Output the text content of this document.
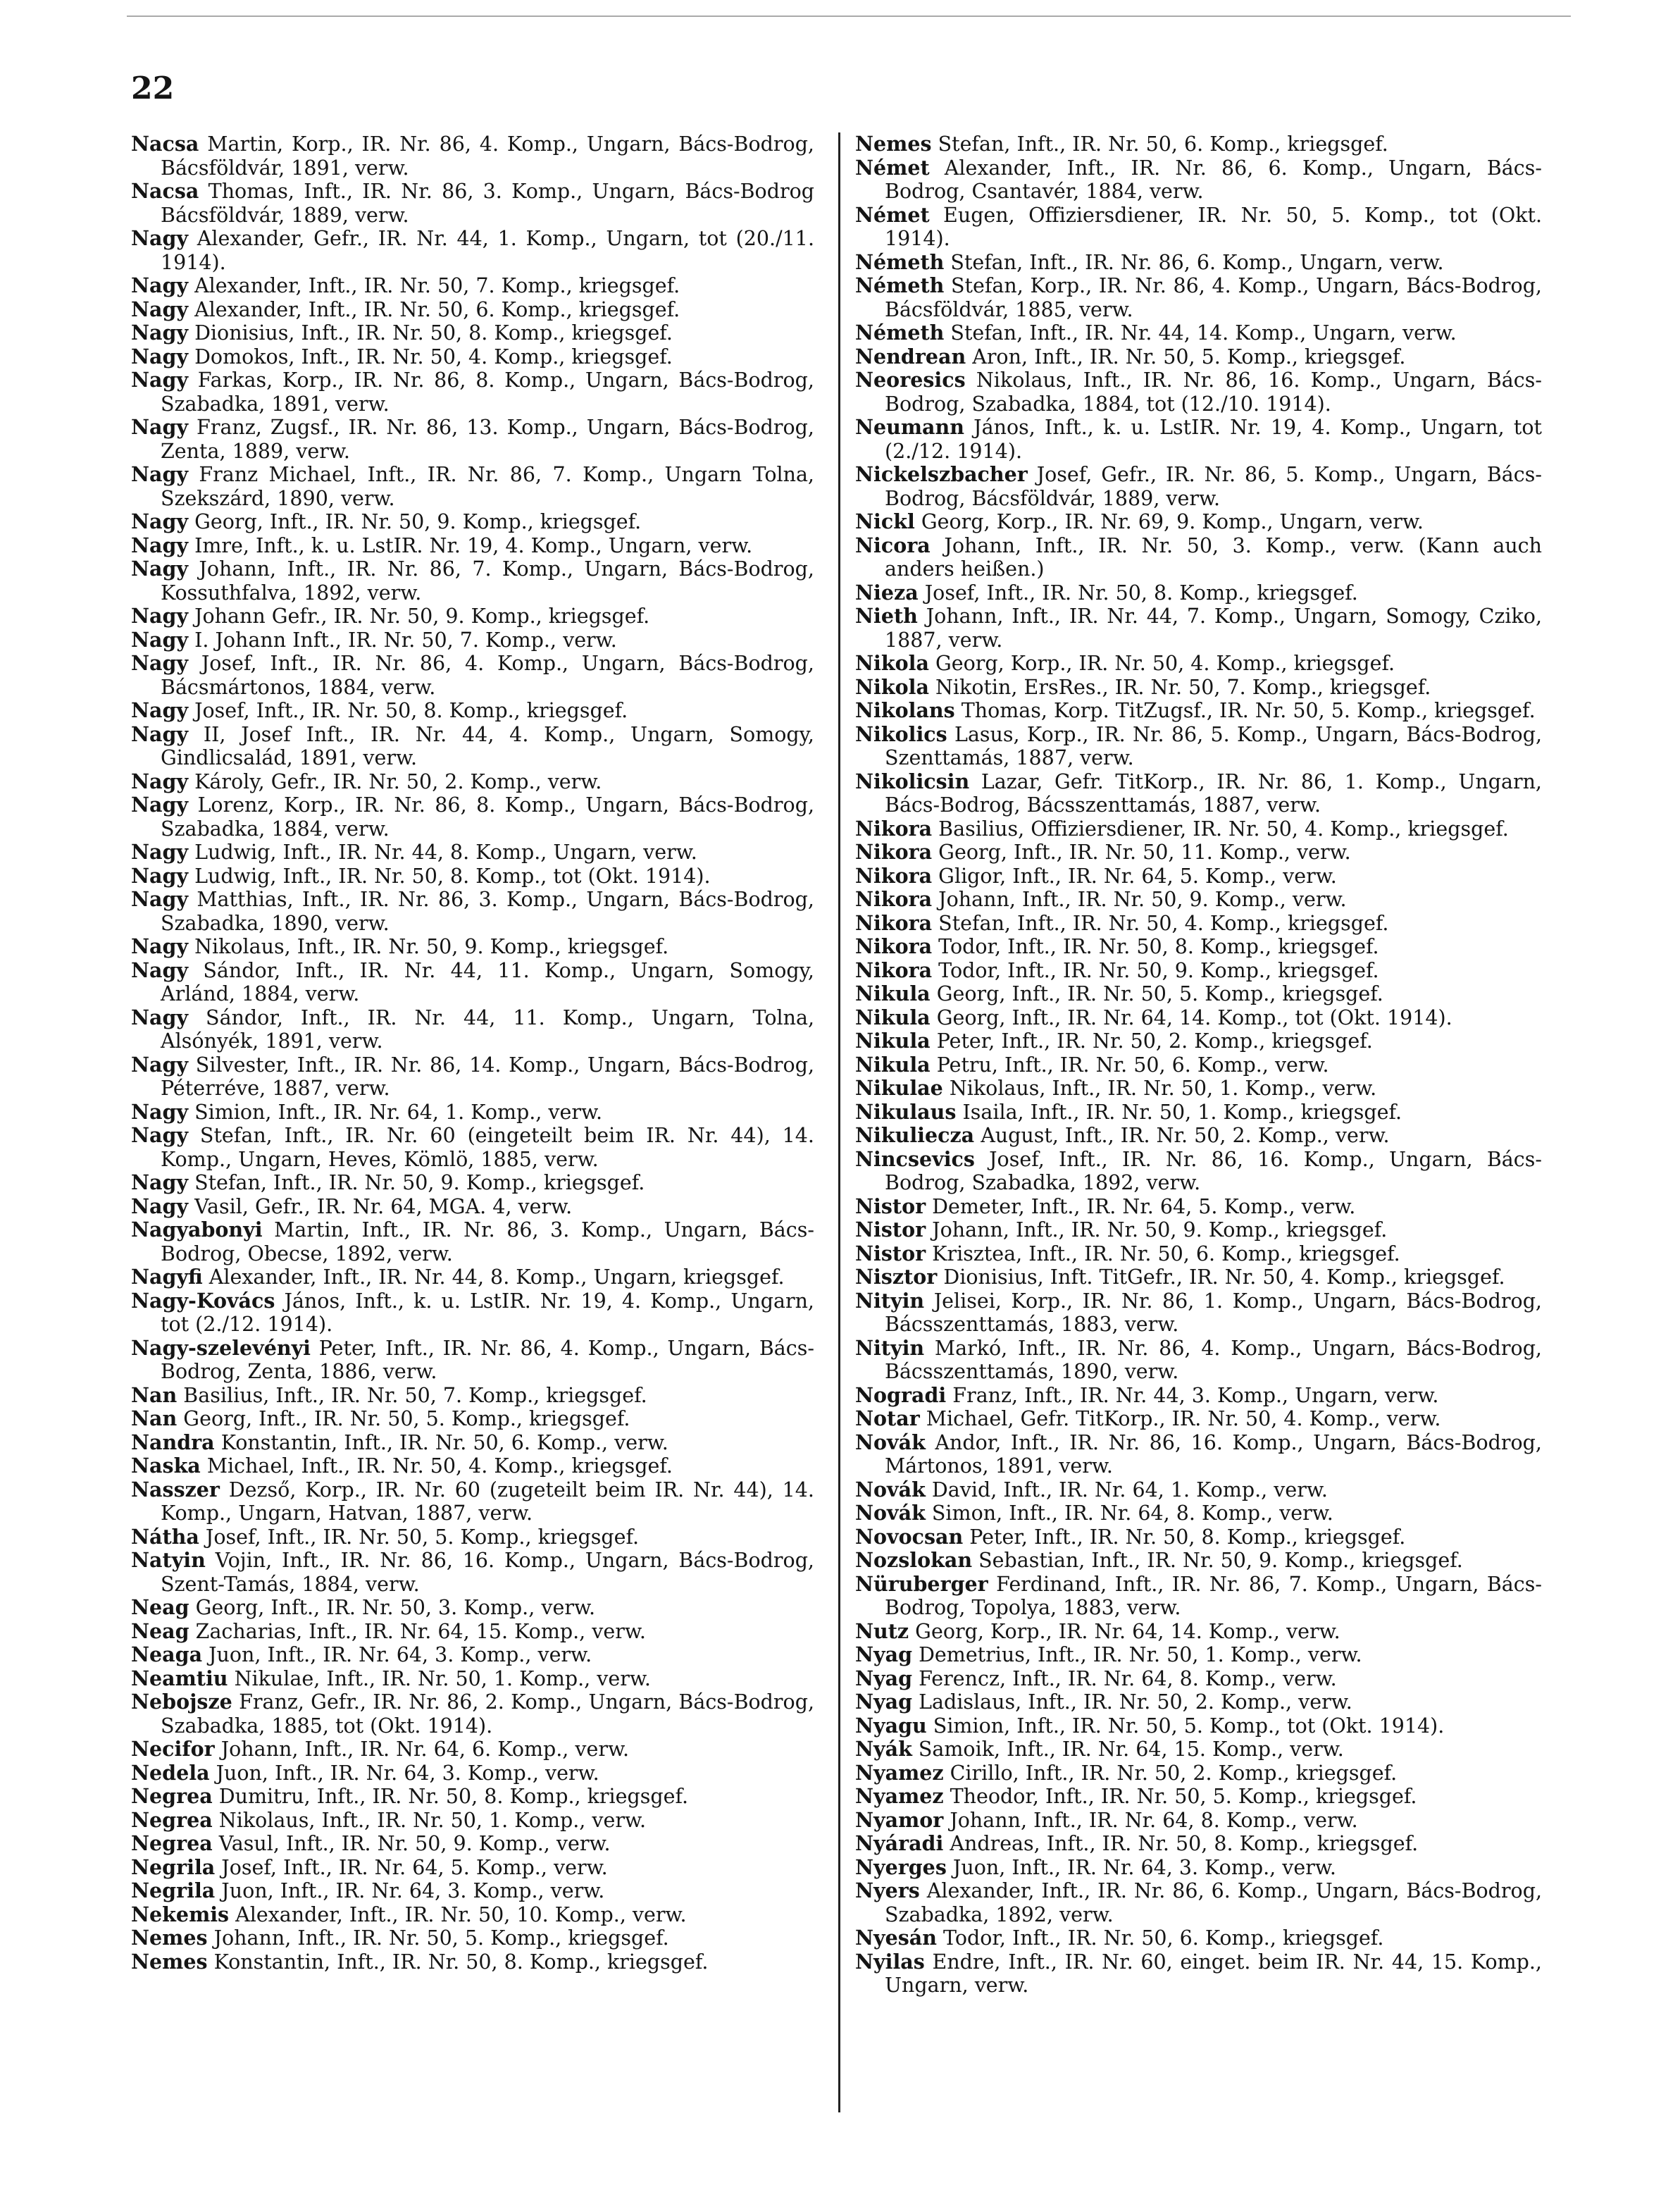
22
Nacsa Martin, Korp., IR. Nr. 86, 4. Komp., Ungarn, Bács-Bodrog, Bácsföldvár, 1891, verw.
Nacsa Thomas, Inft., IR. Nr. 86, 3. Komp., Ungarn, Bács-Bodrog Bácsföldvár, 1889, verw.
Nagy Alexander, Gefr., IR. Nr. 44, 1. Komp., Ungarn, tot (20./11. 1914).
Nagy Alexander, Inft., IR. Nr. 50, 7. Komp., kriegsgef.
Nagy Alexander, Inft., IR. Nr. 50, 6. Komp., kriegsgef.
Nagy Dionisius, Inft., IR. Nr. 50, 8. Komp., kriegsgef.
Nagy Domokos, Inft., IR. Nr. 50, 4. Komp., kriegsgef.
Nagy Farkas, Korp., IR. Nr. 86, 8. Komp., Ungarn, Bács-Bodrog, Szabadka, 1891, verw.
Nagy Franz, Zugsf., IR. Nr. 86, 13. Komp., Ungarn, Bács-Bodrog, Zenta, 1889, verw.
Nagy Franz Michael, Inft., IR. Nr. 86, 7. Komp., Ungarn Tolna, Szekszárd, 1890, verw.
Nagy Georg, Inft., IR. Nr. 50, 9. Komp., kriegsgef.
Nagy Imre, Inft., k. u. LstIR. Nr. 19, 4. Komp., Ungarn, verw.
Nagy Johann, Inft., IR. Nr. 86, 7. Komp., Ungarn, Bács-Bodrog, Kossuthfalva, 1892, verw.
Nagy Johann Gefr., IR. Nr. 50, 9. Komp., kriegsgef.
Nagy I. Johann Inft., IR. Nr. 50, 7. Komp., verw.
Nagy Josef, Inft., IR. Nr. 86, 4. Komp., Ungarn, Bács-Bodrog, Bácsmártonos, 1884, verw.
Nagy Josef, Inft., IR. Nr. 50, 8. Komp., kriegsgef.
Nagy II, Josef Inft., IR. Nr. 44, 4. Komp., Ungarn, Somogy, Gindlicsalád, 1891, verw.
Nagy Károly, Gefr., IR. Nr. 50, 2. Komp., verw.
Nagy Lorenz, Korp., IR. Nr. 86, 8. Komp., Ungarn, Bács-Bodrog, Szabadka, 1884, verw.
Nagy Ludwig, Inft., IR. Nr. 44, 8. Komp., Ungarn, verw.
Nagy Ludwig, Inft., IR. Nr. 50, 8. Komp., tot (Okt. 1914).
Nagy Matthias, Inft., IR. Nr. 86, 3. Komp., Ungarn, Bács-Bodrog, Szabadka, 1890, verw.
Nagy Nikolaus, Inft., IR. Nr. 50, 9. Komp., kriegsgef.
Nagy Sándor, Inft., IR. Nr. 44, 11. Komp., Ungarn, Somogy, Arlánd, 1884, verw.
Nagy Sándor, Inft., IR. Nr. 44, 11. Komp., Ungarn, Tolna, Alsónyék, 1891, verw.
Nagy Silvester, Inft., IR. Nr. 86, 14. Komp., Ungarn, Bács-Bodrog, Péterréve, 1887, verw.
Nagy Simion, Inft., IR. Nr. 64, 1. Komp., verw.
Nagy Stefan, Inft., IR. Nr. 60 (eingeteilt beim IR. Nr. 44), 14. Komp., Ungarn, Heves, Kömlö, 1885, verw.
Nagy Stefan, Inft., IR. Nr. 50, 9. Komp., kriegsgef.
Nagy Vasil, Gefr., IR. Nr. 64, MGA. 4, verw.
Nagyabonyi Martin, Inft., IR. Nr. 86, 3. Komp., Ungarn, Bács-Bodrog, Obecse, 1892, verw.
Nagyfi Alexander, Inft., IR. Nr. 44, 8. Komp., Ungarn, kriegsgef.
Nagy-Kovács János, Inft., k. u. LstIR. Nr. 19, 4. Komp., Ungarn, tot (2./12. 1914).
Nagy-szelevényi Peter, Inft., IR. Nr. 86, 4. Komp., Ungarn, Bács-Bodrog, Zenta, 1886, verw.
Nan Basilius, Inft., IR. Nr. 50, 7. Komp., kriegsgef.
Nan Georg, Inft., IR. Nr. 50, 5. Komp., kriegsgef.
Nandra Konstantin, Inft., IR. Nr. 50, 6. Komp., verw.
Naska Michael, Inft., IR. Nr. 50, 4. Komp., kriegsgef.
Nasszer Dezső, Korp., IR. Nr. 60 (zugeteilt beim IR. Nr. 44), 14. Komp., Ungarn, Hatvan, 1887, verw.
Nátha Josef, Inft., IR. Nr. 50, 5. Komp., kriegsgef.
Natyin Vojin, Inft., IR. Nr. 86, 16. Komp., Ungarn, Bács-Bodrog, Szent-Tamás, 1884, verw.
Neag Georg, Inft., IR. Nr. 50, 3. Komp., verw.
Neag Zacharias, Inft., IR. Nr. 64, 15. Komp., verw.
Neaga Juon, Inft., IR. Nr. 64, 3. Komp., verw.
Neamtiu Nikulae, Inft., IR. Nr. 50, 1. Komp., verw.
Nebojsze Franz, Gefr., IR. Nr. 86, 2. Komp., Ungarn, Bács-Bodrog, Szabadka, 1885, tot (Okt. 1914).
Necifor Johann, Inft., IR. Nr. 64, 6. Komp., verw.
Nedela Juon, Inft., IR. Nr. 64, 3. Komp., verw.
Negrea Dumitru, Inft., IR. Nr. 50, 8. Komp., kriegsgef.
Negrea Nikolaus, Inft., IR. Nr. 50, 1. Komp., verw.
Negrea Vasul, Inft., IR. Nr. 50, 9. Komp., verw.
Negrila Josef, Inft., IR. Nr. 64, 5. Komp., verw.
Negrila Juon, Inft., IR. Nr. 64, 3. Komp., verw.
Nekemis Alexander, Inft., IR. Nr. 50, 10. Komp., verw.
Nemes Johann, Inft., IR. Nr. 50, 5. Komp., kriegsgef.
Nemes Konstantin, Inft., IR. Nr. 50, 8. Komp., kriegsgef.
Nemes Stefan, Inft., IR. Nr. 50, 6. Komp., kriegsgef.
Német Alexander, Inft., IR. Nr. 86, 6. Komp., Ungarn, Bács-Bodrog, Csantavér, 1884, verw.
Német Eugen, Offiziersdiener, IR. Nr. 50, 5. Komp., tot (Okt. 1914).
Németh Stefan, Inft., IR. Nr. 86, 6. Komp., Ungarn, verw.
Németh Stefan, Korp., IR. Nr. 86, 4. Komp., Ungarn, Bács-Bodrog, Bácsföldvár, 1885, verw.
Németh Stefan, Inft., IR. Nr. 44, 14. Komp., Ungarn, verw.
Nendrean Aron, Inft., IR. Nr. 50, 5. Komp., kriegsgef.
Neoresics Nikolaus, Inft., IR. Nr. 86, 16. Komp., Ungarn, Bács-Bodrog, Szabadka, 1884, tot (12./10. 1914).
Neumann János, Inft., k. u. LstIR. Nr. 19, 4. Komp., Ungarn, tot (2./12. 1914).
Nickelszbacher Josef, Gefr., IR. Nr. 86, 5. Komp., Ungarn, Bács-Bodrog, Bácsföldvár, 1889, verw.
Nickl Georg, Korp., IR. Nr. 69, 9. Komp., Ungarn, verw.
Nicora Johann, Inft., IR. Nr. 50, 3. Komp., verw. (Kann auch anders heißen.)
Nieza Josef, Inft., IR. Nr. 50, 8. Komp., kriegsgef.
Nieth Johann, Inft., IR. Nr. 44, 7. Komp., Ungarn, Somogy, Cziko, 1887, verw.
Nikola Georg, Korp., IR. Nr. 50, 4. Komp., kriegsgef.
Nikola Nikotin, ErsRes., IR. Nr. 50, 7. Komp., kriegsgef.
Nikolans Thomas, Korp. TitZugsf., IR. Nr. 50, 5. Komp., kriegsgef.
Nikolics Lasus, Korp., IR. Nr. 86, 5. Komp., Ungarn, Bács-Bodrog, Szenttamás, 1887, verw.
Nikolicsin Lazar, Gefr. TitKorp., IR. Nr. 86, 1. Komp., Ungarn, Bács-Bodrog, Bácsszenttamás, 1887, verw.
Nikora Basilius, Offiziersdiener, IR. Nr. 50, 4. Komp., kriegsgef.
Nikora Georg, Inft., IR. Nr. 50, 11. Komp., verw.
Nikora Gligor, Inft., IR. Nr. 64, 5. Komp., verw.
Nikora Johann, Inft., IR. Nr. 50, 9. Komp., verw.
Nikora Stefan, Inft., IR. Nr. 50, 4. Komp., kriegsgef.
Nikora Todor, Inft., IR. Nr. 50, 8. Komp., kriegsgef.
Nikora Todor, Inft., IR. Nr. 50, 9. Komp., kriegsgef.
Nikula Georg, Inft., IR. Nr. 50, 5. Komp., kriegsgef.
Nikula Georg, Inft., IR. Nr. 64, 14. Komp., tot (Okt. 1914).
Nikula Peter, Inft., IR. Nr. 50, 2. Komp., kriegsgef.
Nikula Petru, Inft., IR. Nr. 50, 6. Komp., verw.
Nikulae Nikolaus, Inft., IR. Nr. 50, 1. Komp., verw.
Nikulaus Isaila, Inft., IR. Nr. 50, 1. Komp., kriegsgef.
Nikuliecza August, Inft., IR. Nr. 50, 2. Komp., verw.
Nincsevics Josef, Inft., IR. Nr. 86, 16. Komp., Ungarn, Bács-Bodrog, Szabadka, 1892, verw.
Nistor Demeter, Inft., IR. Nr. 64, 5. Komp., verw.
Nistor Johann, Inft., IR. Nr. 50, 9. Komp., kriegsgef.
Nistor Krisztea, Inft., IR. Nr. 50, 6. Komp., kriegsgef.
Nisztor Dionisius, Inft. TitGefr., IR. Nr. 50, 4. Komp., kriegsgef.
Nityin Jelisei, Korp., IR. Nr. 86, 1. Komp., Ungarn, Bács-Bodrog, Bácsszenttamás, 1883, verw.
Nityin Markó, Inft., IR. Nr. 86, 4. Komp., Ungarn, Bács-Bodrog, Bácsszenttamás, 1890, verw.
Nogradi Franz, Inft., IR. Nr. 44, 3. Komp., Ungarn, verw.
Notar Michael, Gefr. TitKorp., IR. Nr. 50, 4. Komp., verw.
Novák Andor, Inft., IR. Nr. 86, 16. Komp., Ungarn, Bács-Bodrog, Mártonos, 1891, verw.
Novák David, Inft., IR. Nr. 64, 1. Komp., verw.
Novák Simon, Inft., IR. Nr. 64, 8. Komp., verw.
Novocsan Peter, Inft., IR. Nr. 50, 8. Komp., kriegsgef.
Nozslokan Sebastian, Inft., IR. Nr. 50, 9. Komp., kriegsgef.
Nüruberger Ferdinand, Inft., IR. Nr. 86, 7. Komp., Ungarn, Bács-Bodrog, Topolya, 1883, verw.
Nutz Georg, Korp., IR. Nr. 64, 14. Komp., verw.
Nyag Demetrius, Inft., IR. Nr. 50, 1. Komp., verw.
Nyag Ferencz, Inft., IR. Nr. 64, 8. Komp., verw.
Nyag Ladislaus, Inft., IR. Nr. 50, 2. Komp., verw.
Nyagu Simion, Inft., IR. Nr. 50, 5. Komp., tot (Okt. 1914).
Nyák Samoik, Inft., IR. Nr. 64, 15. Komp., verw.
Nyamez Cirillo, Inft., IR. Nr. 50, 2. Komp., kriegsgef.
Nyamez Theodor, Inft., IR. Nr. 50, 5. Komp., kriegsgef.
Nyamor Johann, Inft., IR. Nr. 64, 8. Komp., verw.
Nyáradi Andreas, Inft., IR. Nr. 50, 8. Komp., kriegsgef.
Nyerges Juon, Inft., IR. Nr. 64, 3. Komp., verw.
Nyers Alexander, Inft., IR. Nr. 86, 6. Komp., Ungarn, Bács-Bodrog, Szabadka, 1892, verw.
Nyesán Todor, Inft., IR. Nr. 50, 6. Komp., kriegsgef.
Nyilas Endre, Inft., IR. Nr. 60, einget. beim IR. Nr. 44, 15. Komp., Ungarn, verw.
